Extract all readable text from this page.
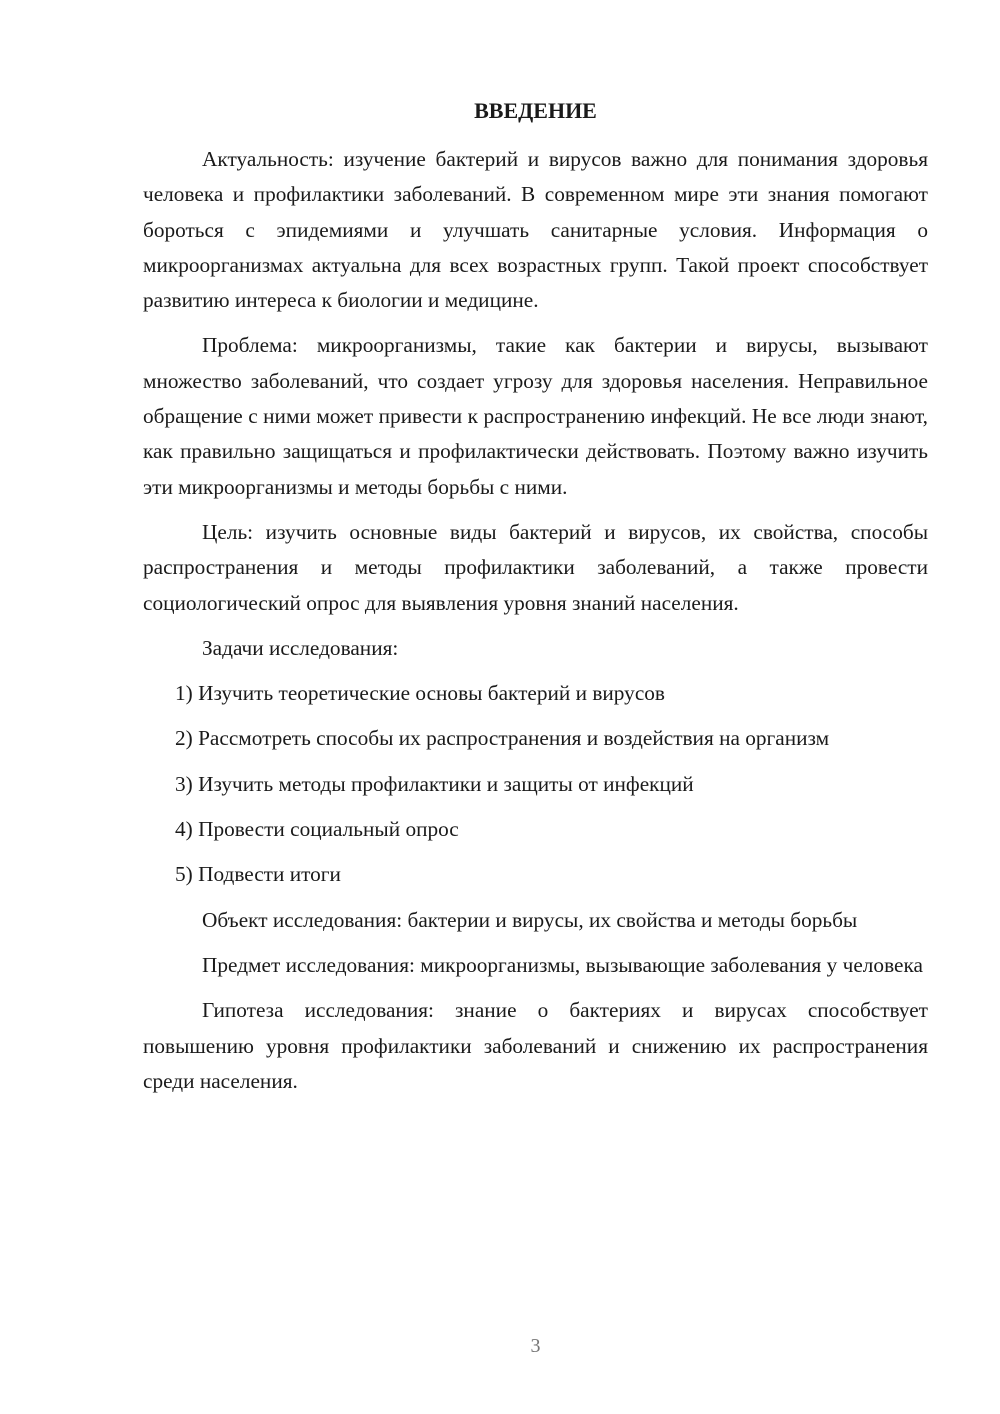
ВВЕДЕНИЕ

Актуальность: изучение бактерий и вирусов важно для понимания здоровья человека и профилактики заболеваний. В современном мире эти знания помогают бороться с эпидемиями и улучшать санитарные условия. Информация о микроорганизмах актуальна для всех возрастных групп. Такой проект способствует развитию интереса к биологии и медицине.

Проблема: микроорганизмы, такие как бактерии и вирусы, вызывают множество заболеваний, что создает угрозу для здоровья населения. Неправильное обращение с ними может привести к распространению инфекций. Не все люди знают, как правильно защищаться и профилактически действовать. Поэтому важно изучить эти микроорганизмы и методы борьбы с ними.

Цель: изучить основные виды бактерий и вирусов, их свойства, способы распространения и методы профилактики заболеваний, а также провести социологический опрос для выявления уровня знаний населения.

Задачи исследования:

1) Изучить теоретические основы бактерий и вирусов

2) Рассмотреть способы их распространения и воздействия на организм

3) Изучить методы профилактики и защиты от инфекций

4) Провести социальный опрос

5) Подвести итоги

Объект исследования: бактерии и вирусы, их свойства и методы борьбы

Предмет исследования: микроорганизмы, вызывающие заболевания у человека

Гипотеза исследования: знание о бактериях и вирусах способствует повышению уровня профилактики заболеваний и снижению их распространения среди населения.

3
